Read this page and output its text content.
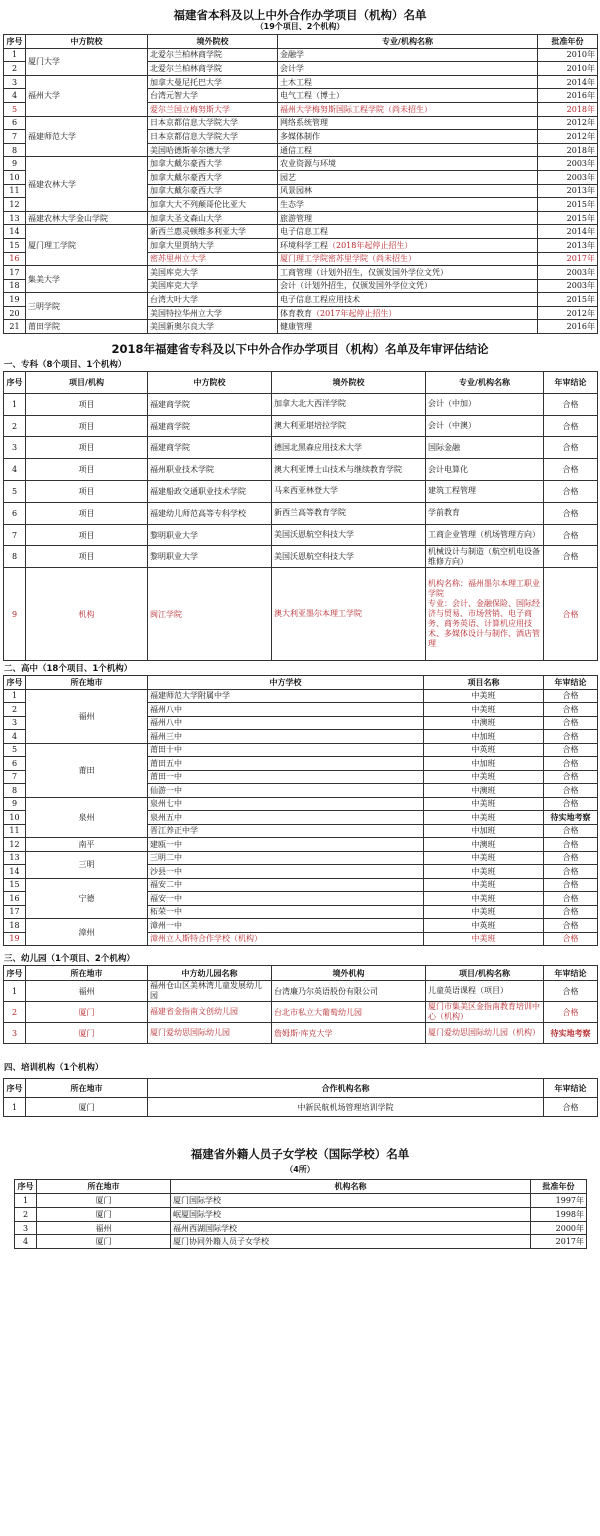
福建省本科及以上中外合作办学项目（机构）名单
（19个项目、2个机构）
序号	中方院校	境外院校	专业/机构名称	批准年份
1	厦门大学	北爱尔兰柏林商学院	金融学	2010年
2		北爱尔兰柏林商学院	会计学	2010年
3	福州大学	加拿大曼尼托巴大学	土木工程	2014年
4		台湾元智大学	电气工程（博士）	2016年
5		爱尔兰国立梅努斯大学	福州大学梅努斯国际工程学院（尚未招生）	2018年
6	福建师范大学	日本京都信息大学院大学	网络系统管理	2012年
7		日本京都信息大学院大学	多媒体制作	2012年
8		美国哈德斯菲尔德大学	通信工程	2018年
9	福建农林大学	加拿大戴尔豪西大学	农业资源与环境	2003年
10		加拿大戴尔豪西大学	园艺	2003年
11		加拿大戴尔豪西大学	风景园林	2013年
12		加拿大大不列颠哥伦比亚大	生态学	2015年
13	福建农林大学金山学院	加拿大圣文森山大学	旅游管理	2015年
14	厦门理工学院	新西兰惠灵顿维多利亚大学	电子信息工程	2014年
15		加拿大里贾纳大学	环境科学工程（2018年起停止招生）	2013年
16		密苏里州立大学	厦门理工学院密苏里学院（尚未招生）	2017年
17	集美大学	美国库克大学	工商管理（计划外招生，仅颁发国外学位文凭）	2003年
18		美国库克大学	会计（计划外招生，仅颁发国外学位文凭）	2003年
19	三明学院	台湾大叶大学	电子信息工程应用技术	2015年
20		美国特拉华州立大学	体育教育（2017年起停止招生）	2012年
21	莆田学院	美国新奥尔良大学	健康管理	2016年
2018年福建省专科及以下中外合作办学项目（机构）名单及年审评估结论
一、专科（8个项目、1个机构）
序号	项目/机构	中方院校	境外院校	专业/机构名称	年审结论
1	项目	福建商学院	加拿大北大西洋学院	会计（中加）	合格
2	项目	福建商学院	澳大利亚堪培拉学院	会计（中澳）	合格
3	项目	福建商学院	德国北黑森应用技术大学	国际金融	合格
4	项目	福州职业技术学院	澳大利亚博士山技术与继续教育学院	会计电算化	合格
5	项目	福建船政交通职业技术学院	马来西亚林登大学	建筑工程管理	合格
6	项目	福建幼儿师范高等专科学校	新西兰高等教育学院	学前教育	合格
7	项目	黎明职业大学	美国沃恩航空科技大学	工商企业管理（机场管理方向）	合格
8	项目	黎明职业大学	美国沃恩航空科技大学	机械设计与制造（航空机电设备维修方向）	合格
9	机构	闽江学院	澳大利亚墨尔本理工学院	机构名称：福州墨尔本理工职业学院
专业：会计、金融保险、国际经济与贸易、市场营销、电子商务、商务英语、计算机应用技术、多媒体设计与制作、酒店管理	合格
二、高中（18个项目、1个机构）
序号	所在地市	中方学校	项目名称	年审结论
1	福州	福建师范大学附属中学	中美班	合格
2		福州八中	中美班	合格
3		福州八中	中澳班	合格
4		福州三中	中加班	合格
5	莆田	莆田十中	中英班	合格
6		莆田五中	中加班	合格
7		莆田一中	中美班	合格
8		仙游一中	中澳班	合格
9	泉州	泉州七中	中美班	合格
10		泉州五中	中美班	待实地考察
11		晋江养正中学	中加班	合格
12	南平	建瓯一中	中澳班	合格
13	三明	三明二中	中美班	合格
14		沙县一中	中美班	合格
15	宁德	福安二中	中美班	合格
16		福安一中	中美班	合格
17		柘荣一中	中美班	合格
18	漳州	漳州一中	中英班	合格
19		漳州立人斯特合作学校（机构）	中美班	合格
三、幼儿园（1个项目、2个机构）
序号	所在地市	中方幼儿园名称	境外机构	项目/机构名称	年审结论
1	福州	福州仓山区美林湾儿童发展幼儿园	台湾廉乃尔英语股份有限公司	儿童英语课程（项目）	合格
2	厦门	福建省金指南文创幼儿园	台北市私立大葡萄幼儿园	厦门市集美区金指南教育培训中心（机构）	合格
3	厦门	厦门爱幼思国际幼儿园	詹姆斯·库克大学	厦门爱幼思国际幼儿园（机构）	待实地考察
四、培训机构（1个机构）
序号	所在地市	合作机构名称	年审结论
1	厦门	中新民航机场管理培训学院	合格
福建省外籍人员子女学校（国际学校）名单
（4所）
序号	所在地市	机构名称	批准年份
1	厦门	厦门国际学校	1997年
2	厦门	岷厦国际学校	1998年
3	福州	福州西湖国际学校	2000年
4	厦门	厦门协同外籍人员子女学校	2017年
